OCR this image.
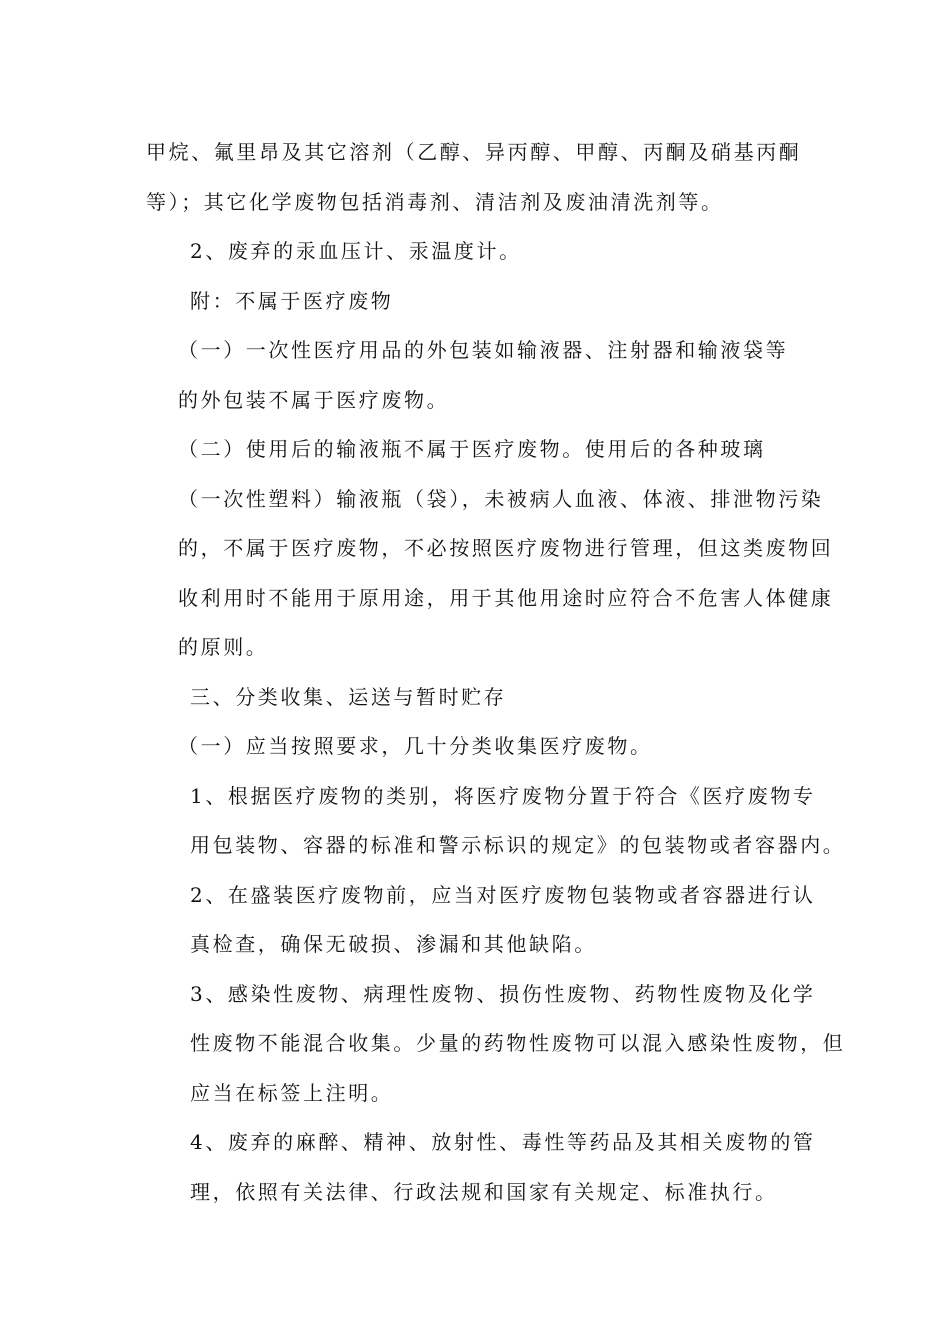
甲烷、氟里昂及其它溶剂（乙醇、异丙醇、甲醇、丙酮及硝基丙酮
等）；其它化学废物包括消毒剂、清洁剂及废油清洗剂等。

2、废弃的汞血压计、汞温度计。

附：不属于医疗废物

（一）一次性医疗用品的外包装如输液器、注射器和输液袋等
的外包装不属于医疗废物。

（二）使用后的输液瓶不属于医疗废物。使用后的各种玻璃
（一次性塑料）输液瓶（袋），未被病人血液、体液、排泄物污染
的，不属于医疗废物，不必按照医疗废物进行管理，但这类废物回
收利用时不能用于原用途，用于其他用途时应符合不危害人体健康
的原则。

三、分类收集、运送与暂时贮存

（一）应当按照要求，几十分类收集医疗废物。

1、根据医疗废物的类别，将医疗废物分置于符合《医疗废物专
用包装物、容器的标准和警示标识的规定》的包装物或者容器内。

2、在盛装医疗废物前，应当对医疗废物包装物或者容器进行认
真检查，确保无破损、渗漏和其他缺陷。

3、感染性废物、病理性废物、损伤性废物、药物性废物及化学
性废物不能混合收集。少量的药物性废物可以混入感染性废物，但
应当在标签上注明。

4、废弃的麻醉、精神、放射性、毒性等药品及其相关废物的管
理，依照有关法律、行政法规和国家有关规定、标准执行。
